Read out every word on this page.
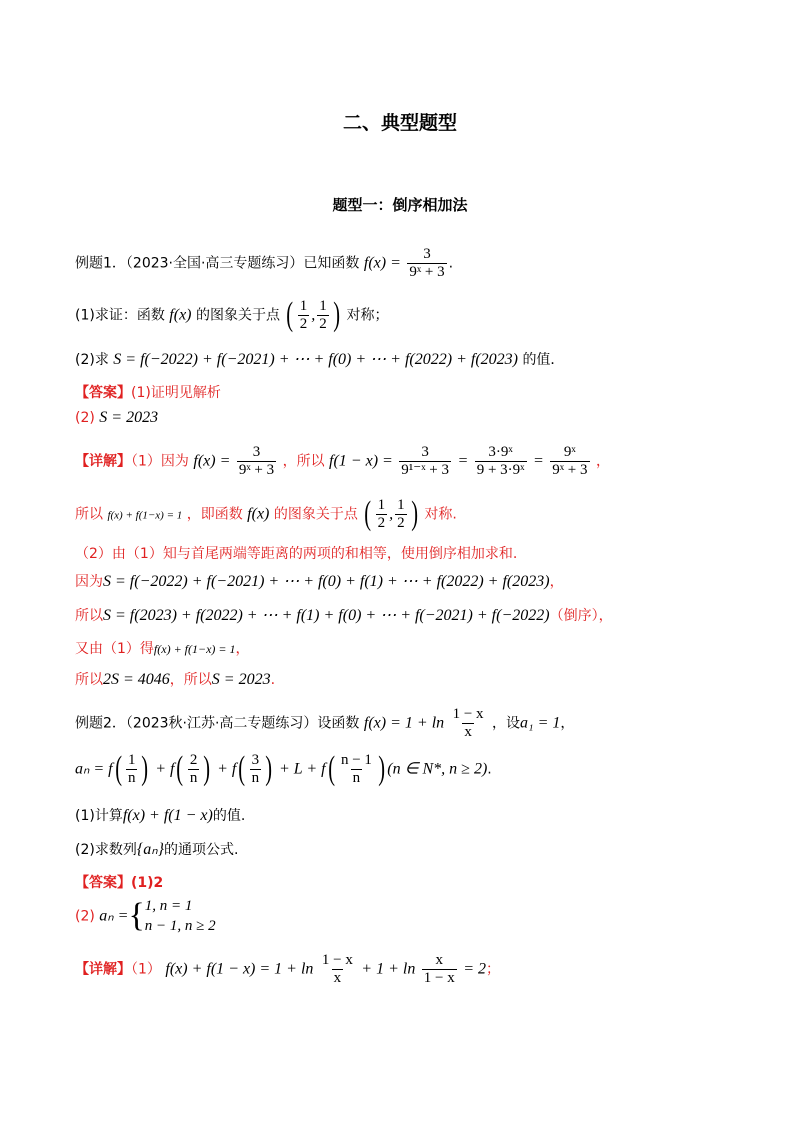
二、典型题型
题型一：倒序相加法
例题1．（2023·全国·高三专题练习）已知函数 $f(x) = \frac{3}{\text{9ˣ + 3}}$ .
(1)求证：函数 f(x) 的图象关于点 ( $\frac{1}{2}$ , $\frac{1}{2}$ ) 对称；
(2)求 S = f(−2022) + f(−2021) + ⋯ + f(0) + ⋯ + f(2022) + f(2023) 的值．
【答案】(1)证明见解析
(2) S = 2023
【详解】（1）因为 $f(x) = \frac{3}{\text{9ˣ + 3}}$ ，所以 $f(1 - x) = \frac{3}{\text{9¹⁻ˣ + 3}} = \frac{\text{3·9ˣ}}{\text{9 + 3·9ˣ}} = \frac{\text{9ˣ}}{\text{9ˣ + 3}}$ ，
所以 f(x) + f(1−x) = 1 ，即函数 f(x) 的图象关于点 ( $\frac{1}{2}$ , $\frac{1}{2}$ ) 对称.
（2）由（1）知与首尾两端等距离的两项的和相等，使用倒序相加求和.
因为S = f(−2022) + f(−2021) + ⋯ + f(0) + f(1) + ⋯ + f(2022) + f(2023)，
所以S = f(2023) + f(2022) + ⋯ + f(1) + f(0) + ⋯ + f(−2021) + f(−2022)（倒序），
又由（1）得f(x) + f(1−x) = 1，
所以2S = 4046，所以S = 2023.
例题2．（2023秋·江苏·高二专题练习）设函数 $f(x) = 1 + \ln \frac{1 - x}{x}$ ，设a₁ = 1，
$a_n = f( \frac{1}{n}$ ) + $f( \frac{2}{n}$ ) + $f( \frac{3}{n}$ ) + $L + f( \frac{n - 1}{n}$ ) (n ∈ N*, n ≥ 2).
(1)计算f(x) + f(1 − x)的值.
(2)求数列{aₙ}的通项公式.
【答案】(1)2
(2) aₙ ={ 1, n = 1
n − 1, n ≥ 2
【详解】（1） $f(x) + f(1 - x) = 1 + \ln \frac{1 - x}{x} + 1 + \ln \frac{x}{1 - x} = 2$；
